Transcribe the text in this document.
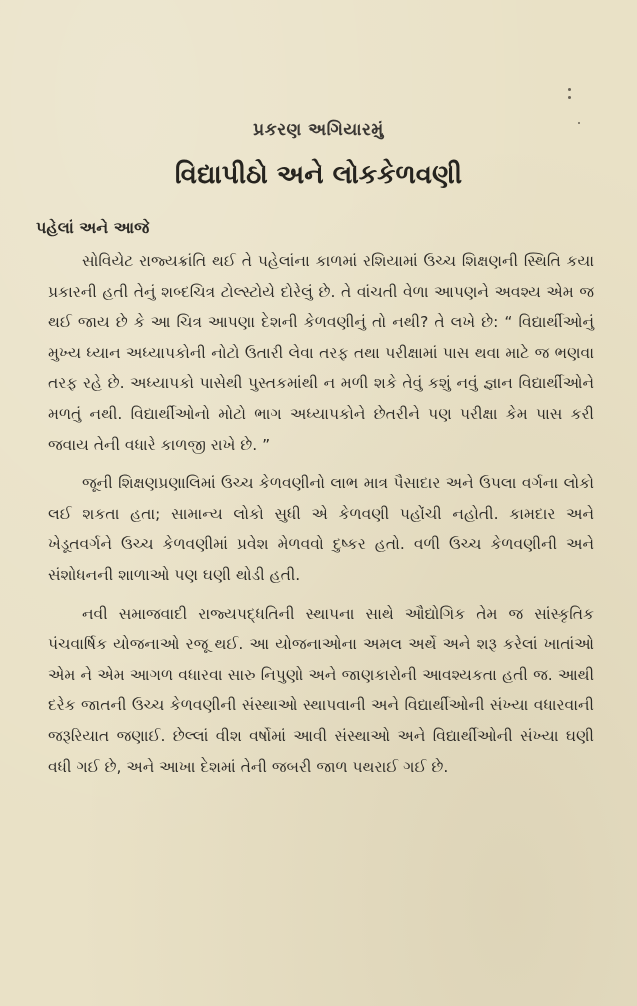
પ્રકરણ અગિયારમું
વિદ્યાપીઠો અને લોકકેળવણી
પહેલાં અને આજે

સોવિયેટ રાજ્યક્રાંતિ થઈ તે પહેલાંના કાળમાં રશિયામાં ઉચ્ચ શિક્ષણની સ્થિતિ કયા પ્રકારની હતી તેનું શબ્દચિત્ર ટોલ્સ્ટોયે દોરેલું છે. તે વાંચતી વેળા આપણને અવશ્ય એમ જ થઈ જાય છે કે આ ચિત્ર આપણા દેશની કેળવણીનું તો નથી? તે લખે છે: “ વિદ્યાર્થીઓનું મુખ્ય ધ્યાન અધ્યાપકોની નોટો ઉતારી લેવા તરફ તથા પરીક્ષામાં પાસ થવા માટે જ ભણવા તરફ રહે છે. અધ્યાપકો પાસેથી પુસ્તકમાંથી ન મળી શકે તેવું કશું નવું જ્ઞાન વિદ્યાર્થીઓને મળતું નથી. વિદ્યાર્થીઓનો મોટો ભાગ અધ્યાપકોને છેતરીને પણ પરીક્ષા કેમ પાસ કરી જવાય તેની વધારે કાળજી રાખે છે. ”

જૂની શિક્ષણપ્રણાલિમાં ઉચ્ચ કેળવણીનો લાભ માત્ર પૈસાદાર અને ઉપલા વર્ગના લોકો લઈ શકતા હતા; સામાન્ય લોકો સુધી એ કેળવણી પહોંચી નહોતી. કામદાર અને ખેડૂતવર્ગને ઉચ્ચ કેળવણીમાં પ્રવેશ મેળવવો દુષ્કર હતો. વળી ઉચ્ચ કેળવણીની અને સંશોધનની શાળાઓ પણ ઘણી થોડી હતી.

નવી સમાજવાદી રાજ્યપદ્ધતિની સ્થાપના સાથે ઔદ્યોગિક તેમ જ સાંસ્કૃતિક પંચવાર્ષિક યોજનાઓ રજૂ થઈ. આ યોજનાઓના અમલ અર્થે અને શરૂ કરેલાં ખાતાંઓ એમ ને એમ આગળ વધારવા સારુ નિપુણો અને જાણકારોની આવશ્યકતા હતી જ. આથી દરેક જાતની ઉચ્ચ કેળવણીની સંસ્થાઓ સ્થાપવાની અને વિદ્યાર્થીઓની સંખ્યા વધારવાની જરૂરિયાત જણાઈ. છેલ્લાં વીશ વર્ષોમાં આવી સંસ્થાઓ અને વિદ્યાર્થીઓની સંખ્યા ઘણી વધી ગઈ છે, અને આખા દેશમાં તેની જબરી જાળ પથરાઈ ગઈ છે.
